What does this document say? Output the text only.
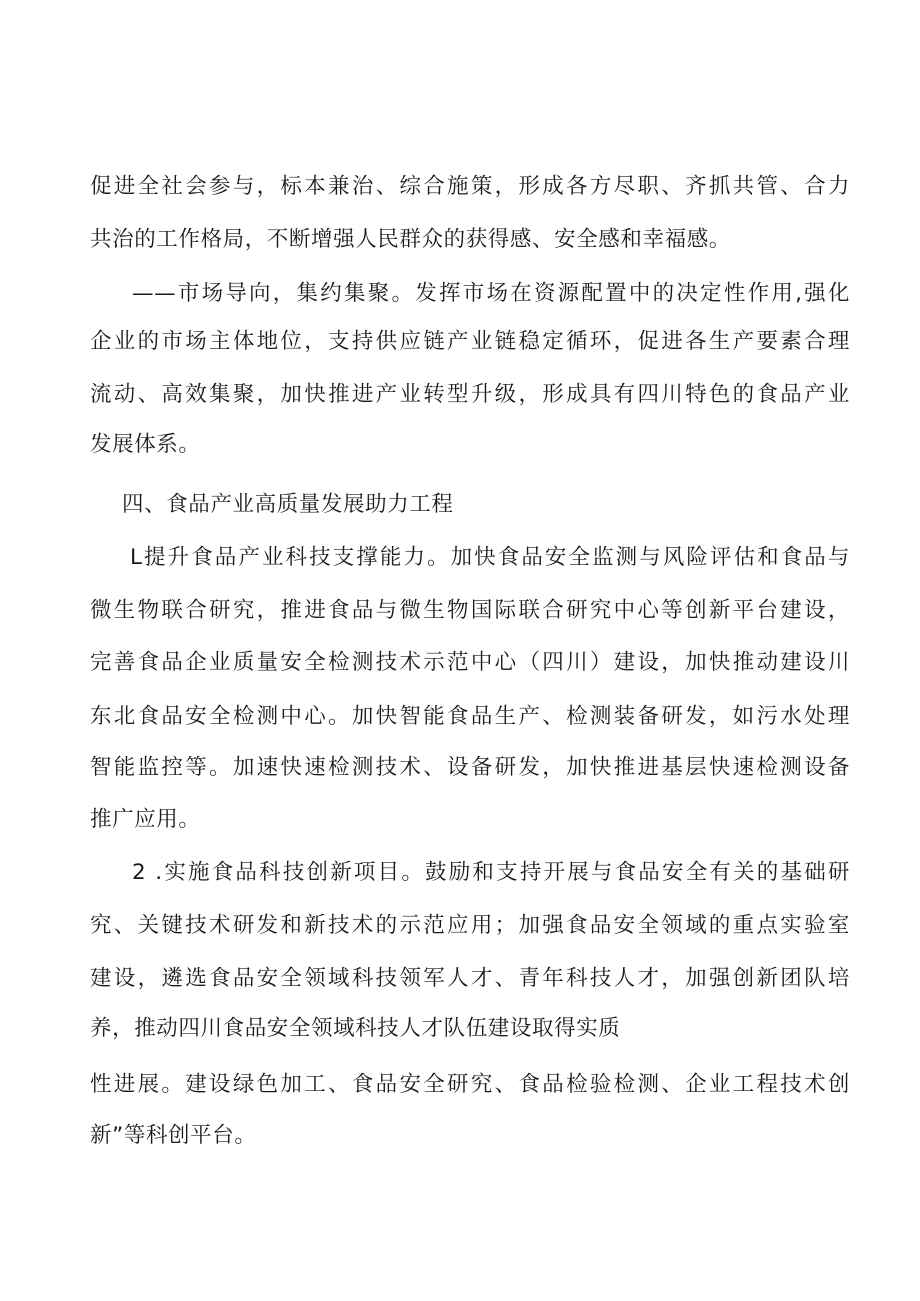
促进全社会参与，标本兼治、综合施策，形成各方尽职、齐抓共管、合力
共治的工作格局，不断增强人民群众的获得感、安全感和幸福感。
——市场导向，集约集聚。发挥市场在资源配置中的决定性作用,强化
企业的市场主体地位，支持供应链产业链稳定循环，促进各生产要素合理
流动、高效集聚，加快推进产业转型升级，形成具有四川特色的食品产业
发展体系。
四、食品产业高质量发展助力工程
L提升食品产业科技支撑能力。加快食品安全监测与风险评估和食品与
微生物联合研究，推进食品与微生物国际联合研究中心等创新平台建设，
完善食品企业质量安全检测技术示范中心（四川）建设，加快推动建设川
东北食品安全检测中心。加快智能食品生产、检测装备研发，如污水处理
智能监控等。加速快速检测技术、设备研发，加快推进基层快速检测设备
推广应用。
2 .实施食品科技创新项目。鼓励和支持开展与食品安全有关的基础研
究、关键技术研发和新技术的示范应用；加强食品安全领域的重点实验室
建设，遴选食品安全领域科技领军人才、青年科技人才，加强创新团队培
养，推动四川食品安全领域科技人才队伍建设取得实质
性进展。建设绿色加工、食品安全研究、食品检验检测、企业工程技术创
新”等科创平台。
